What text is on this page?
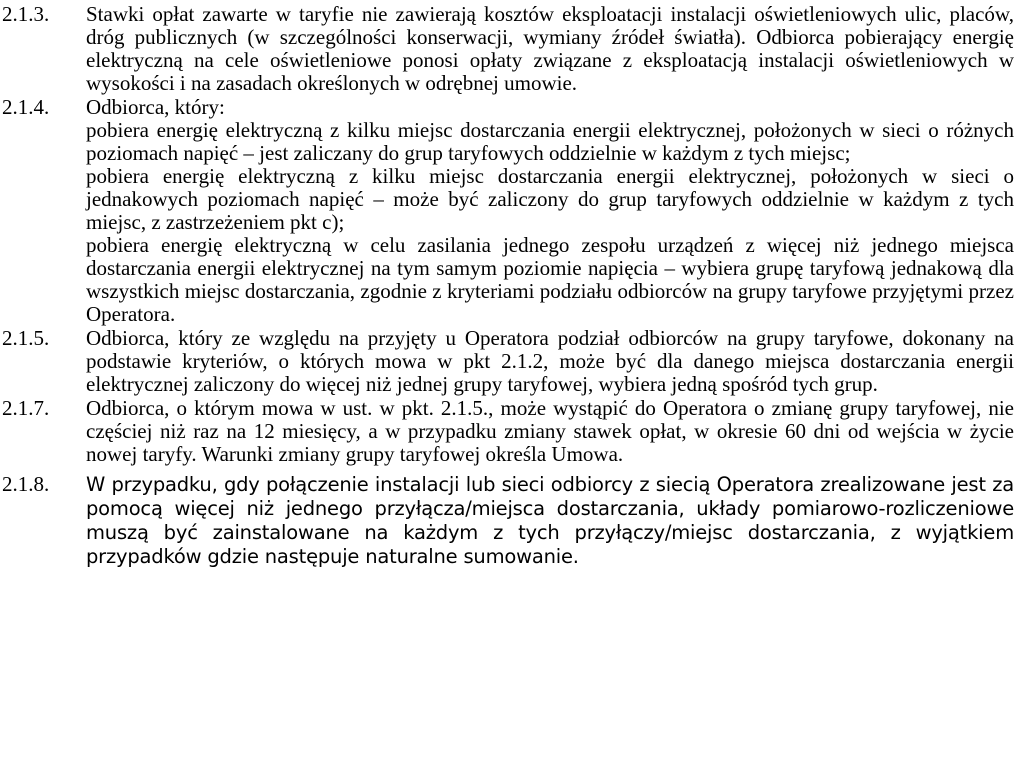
2.1.3. Stawki opłat zawarte w taryfie nie zawierają kosztów eksploatacji instalacji oświetleniowych ulic, placów, dróg publicznych (w szczególności konserwacji, wymiany źródeł światła). Odbiorca pobierający energię elektryczną na cele oświetleniowe ponosi opłaty związane z eksploatacją instalacji oświetleniowych w wysokości i na zasadach określonych w odrębnej umowie.

2.1.4. Odbiorca, który:

pobiera energię elektryczną z kilku miejsc dostarczania energii elektrycznej, położonych w sieci o różnych poziomach napięć – jest zaliczany do grup taryfowych oddzielnie w każdym z tych miejsc;

pobiera energię elektryczną z kilku miejsc dostarczania energii elektrycznej, położonych w sieci o jednakowych poziomach napięć – może być zaliczony do grup taryfowych oddzielnie w każdym z tych miejsc, z zastrzeżeniem pkt c);

pobiera energię elektryczną w celu zasilania jednego zespołu urządzeń z więcej niż jednego miejsca dostarczania energii elektrycznej na tym samym poziomie napięcia – wybiera grupę taryfową jednakową dla wszystkich miejsc dostarczania, zgodnie z kryteriami podziału odbiorców na grupy taryfowe przyjętymi przez Operatora.

2.1.5. Odbiorca, który ze względu na przyjęty u Operatora podział odbiorców na grupy taryfowe, dokonany na podstawie kryteriów, o których mowa w pkt 2.1.2, może być dla danego miejsca dostarczania energii elektrycznej zaliczony do więcej niż jednej grupy taryfowej, wybiera jedną spośród tych grup.

2.1.7. Odbiorca, o którym mowa w ust. w pkt. 2.1.5., może wystąpić do Operatora o zmianę grupy taryfowej, nie częściej niż raz na 12 miesięcy, a w przypadku zmiany stawek opłat, w okresie 60 dni od wejścia w życie nowej taryfy. Warunki zmiany grupy taryfowej określa Umowa.

2.1.8. W przypadku, gdy połączenie instalacji lub sieci odbiorcy z siecią Operatora zrealizowane jest za pomocą więcej niż jednego przyłącza/miejsca dostarczania, układy pomiarowo-rozliczeniowe muszą być zainstalowane na każdym z tych przyłączy/miejsc dostarczania, z wyjątkiem przypadków gdzie następuje naturalne sumowanie.
